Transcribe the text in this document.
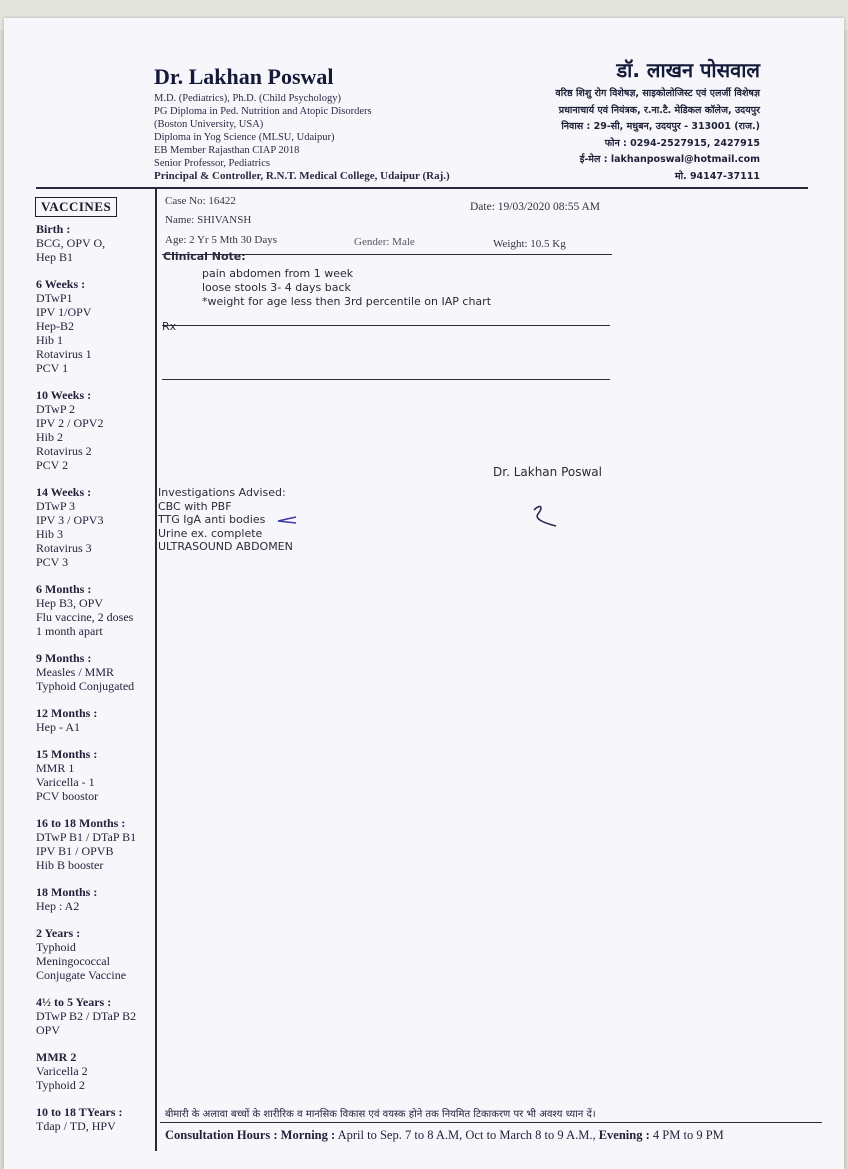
Dr. Lakhan Poswal
M.D. (Pediatrics), Ph.D. (Child Psychology)
PG Diploma in Ped. Nutrition and Atopic Disorders
(Boston University, USA)
Diploma in Yog Science (MLSU, Udaipur)
EB Member Rajasthan CIAP 2018
Senior Professor, Pediatrics
Principal & Controller, R.N.T. Medical College, Udaipur (Raj.)
डॉ. लाखन पोसवाल
वरिष्ठ शिशु रोग विशेषज्ञ, साइकोलोजिस्ट एवं एलर्जी विशेषज्ञ
प्रधानाचार्य एवं नियंत्रक, र.ना.टै. मेडिकल कॉलेज, उदयपुर
निवास : 29-सी, मधुबन, उदयपुर - 313001 (राज.)
फोन : 0294-2527915, 2427915
ई-मेल : lakhanposwal@hotmail.com
मो. 94147-37111
VACCINES
Birth :
BCG, OPV O,
Hep B1
6 Weeks :
DTwP1
IPV 1/OPV
Hep-B2
Hib 1
Rotavirus 1
PCV 1
10 Weeks :
DTwP 2
IPV 2 / OPV2
Hib 2
Rotavirus 2
PCV 2
14 Weeks :
DTwP 3
IPV 3 / OPV3
Hib 3
Rotavirus 3
PCV 3
6 Months :
Hep B3, OPV
Flu vaccine, 2 doses
1 month apart
9 Months :
Measles / MMR
Typhoid Conjugated
12 Months :
Hep - A1
15 Months :
MMR 1
Varicella - 1
PCV boostor
16 to 18 Months :
DTwP B1 / DTaP B1
IPV B1 / OPVB
Hib B booster
18 Months :
Hep : A2
2 Years :
Typhoid
Meningococcal
Conjugate Vaccine
4½ to 5 Years :
DTwP B2 / DTaP B2
OPV
MMR 2
Varicella 2
Typhoid 2
10 to 18 TYears :
Tdap / TD, HPV
Case No: 16422	Date: 19/03/2020 08:55 AM
Name: SHIVANSH
Age: 2 Yr 5 Mth 30 Days	Gender: Male	Weight: 10.5 Kg
Clinical Note:
pain abdomen from 1 week
loose stools 3- 4 days back
*weight for age less then 3rd percentile on IAP chart
Rx
Dr. Lakhan Poswal
Investigations Advised:
CBC with PBF
TTG IgA anti bodies
Urine ex. complete
ULTRASOUND ABDOMEN
बीमारी के अलावा बच्चों के शारीरिक व मानसिक विकास एवं वयस्क होने तक नियमित टिकाकरण पर भी अवश्य ध्यान दें।
Consultation Hours : Morning : April to Sep. 7 to 8 A.M, Oct to March 8 to 9 A.M., Evening : 4 PM to 9 PM
